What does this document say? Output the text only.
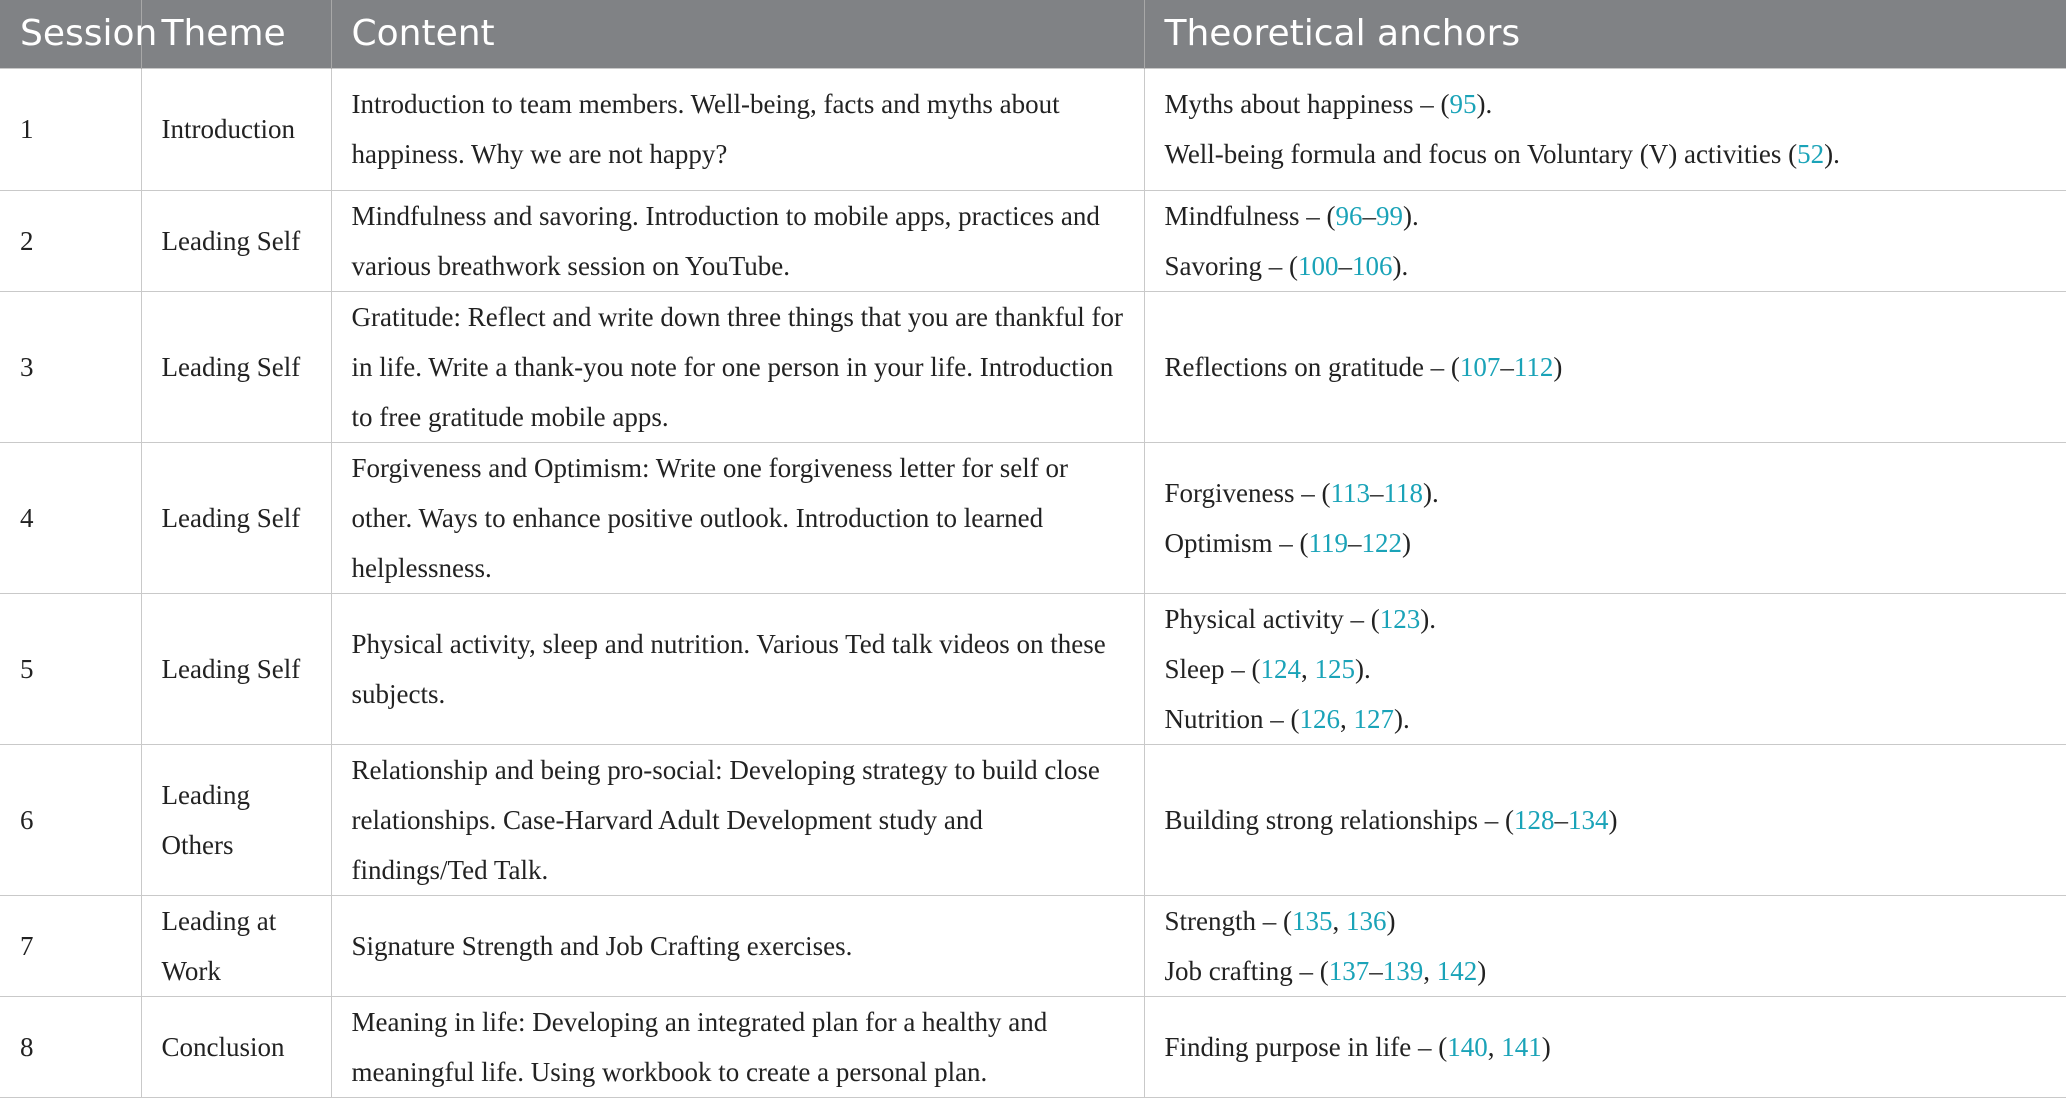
Session	Theme	Content	Theoretical anchors
1	Introduction	Introduction to team members. Well-being, facts and myths about happiness. Why we are not happy?	Myths about happiness – (95).
Well-being formula and focus on Voluntary (V) activities (52).

2	Leading Self	Mindfulness and savoring. Introduction to mobile apps, practices and various breathwork session on YouTube.	Mindfulness – (96–99).
Savoring – (100–106).

3	Leading Self	Gratitude: Reflect and write down three things that you are thankful for in life. Write a thank-you note for one person in your life. Introduction to free gratitude mobile apps.	Reflections on gratitude – (107–112)

4	Leading Self	Forgiveness and Optimism: Write one forgiveness letter for self or other. Ways to enhance positive outlook. Introduction to learned helplessness.	Forgiveness – (113–118).
Optimism – (119–122)

5	Leading Self	Physical activity, sleep and nutrition. Various Ted talk videos on these subjects.	Physical activity – (123).
Sleep – (124, 125).
Nutrition – (126, 127).

6	Leading Others	Relationship and being pro-social: Developing strategy to build close relationships. Case-Harvard Adult Development study and findings/Ted Talk.	Building strong relationships – (128–134)

7	Leading at Work	Signature Strength and Job Crafting exercises.	Strength – (135, 136)
Job crafting – (137–139, 142)

8	Conclusion	Meaning in life: Developing an integrated plan for a healthy and meaningful life. Using workbook to create a personal plan.	Finding purpose in life – (140, 141)
